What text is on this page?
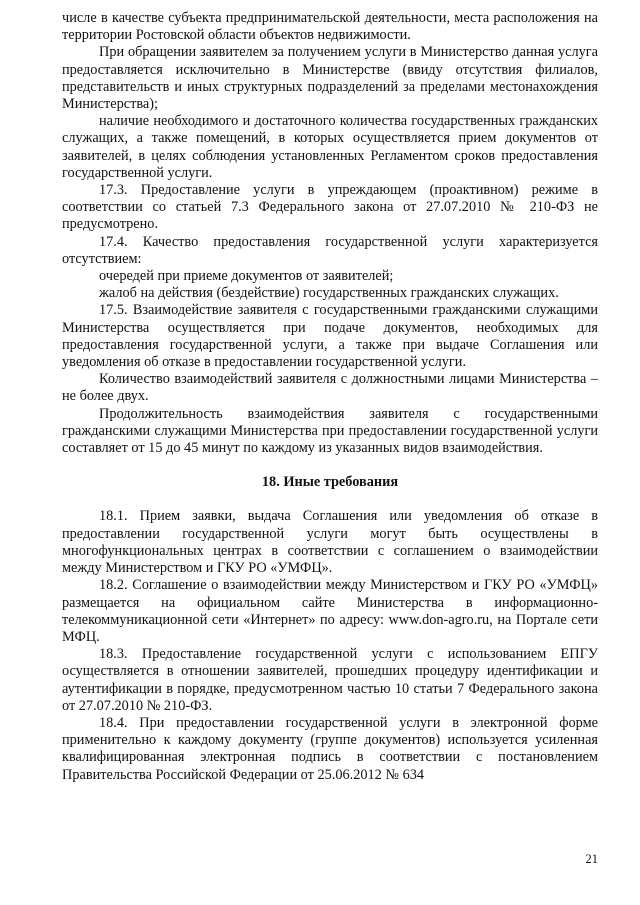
числе в качестве субъекта предпринимательской деятельности, места расположения на территории Ростовской области объектов недвижимости.

При обращении заявителем за получением услуги в Министерство данная услуга предоставляется исключительно в Министерстве (ввиду отсутствия филиалов, представительств и иных структурных подразделений за пределами местонахождения Министерства);

наличие необходимого и достаточного количества государственных гражданских служащих, а также помещений, в которых осуществляется прием документов от заявителей, в целях соблюдения установленных Регламентом сроков предоставления государственной услуги.

17.3. Предоставление услуги в упреждающем (проактивном) режиме в соответствии со статьей 7.3 Федерального закона от 27.07.2010 № 210-ФЗ не предусмотрено.

17.4. Качество предоставления государственной услуги характеризуется отсутствием:

очередей при приеме документов от заявителей;

жалоб на действия (бездействие) государственных гражданских служащих.

17.5. Взаимодействие заявителя с государственными гражданскими служащими Министерства осуществляется при подаче документов, необходимых для предоставления государственной услуги, а также при выдаче Соглашения или уведомления об отказе в предоставлении государственной услуги.

Количество взаимодействий заявителя с должностными лицами Министерства – не более двух.

Продолжительность взаимодействия заявителя с государственными гражданскими служащими Министерства при предоставлении государственной услуги составляет от 15 до 45 минут по каждому из указанных видов взаимодействия.

18. Иные требования

18.1. Прием заявки, выдача Соглашения или уведомления об отказе в предоставлении государственной услуги могут быть осуществлены в многофункциональных центрах в соответствии с соглашением о взаимодействии между Министерством и ГКУ РО «УМФЦ».

18.2. Соглашение о взаимодействии между Министерством и ГКУ РО «УМФЦ» размещается на официальном сайте Министерства в информационно-телекоммуникационной сети «Интернет» по адресу: www.don-agro.ru, на Портале сети МФЦ.

18.3. Предоставление государственной услуги с использованием ЕПГУ осуществляется в отношении заявителей, прошедших процедуру идентификации и аутентификации в порядке, предусмотренном частью 10 статьи 7 Федерального закона от 27.07.2010 № 210-ФЗ.

18.4. При предоставлении государственной услуги в электронной форме применительно к каждому документу (группе документов) используется усиленная квалифицированная электронная подпись в соответствии с постановлением Правительства Российской Федерации от 25.06.2012 № 634

21
